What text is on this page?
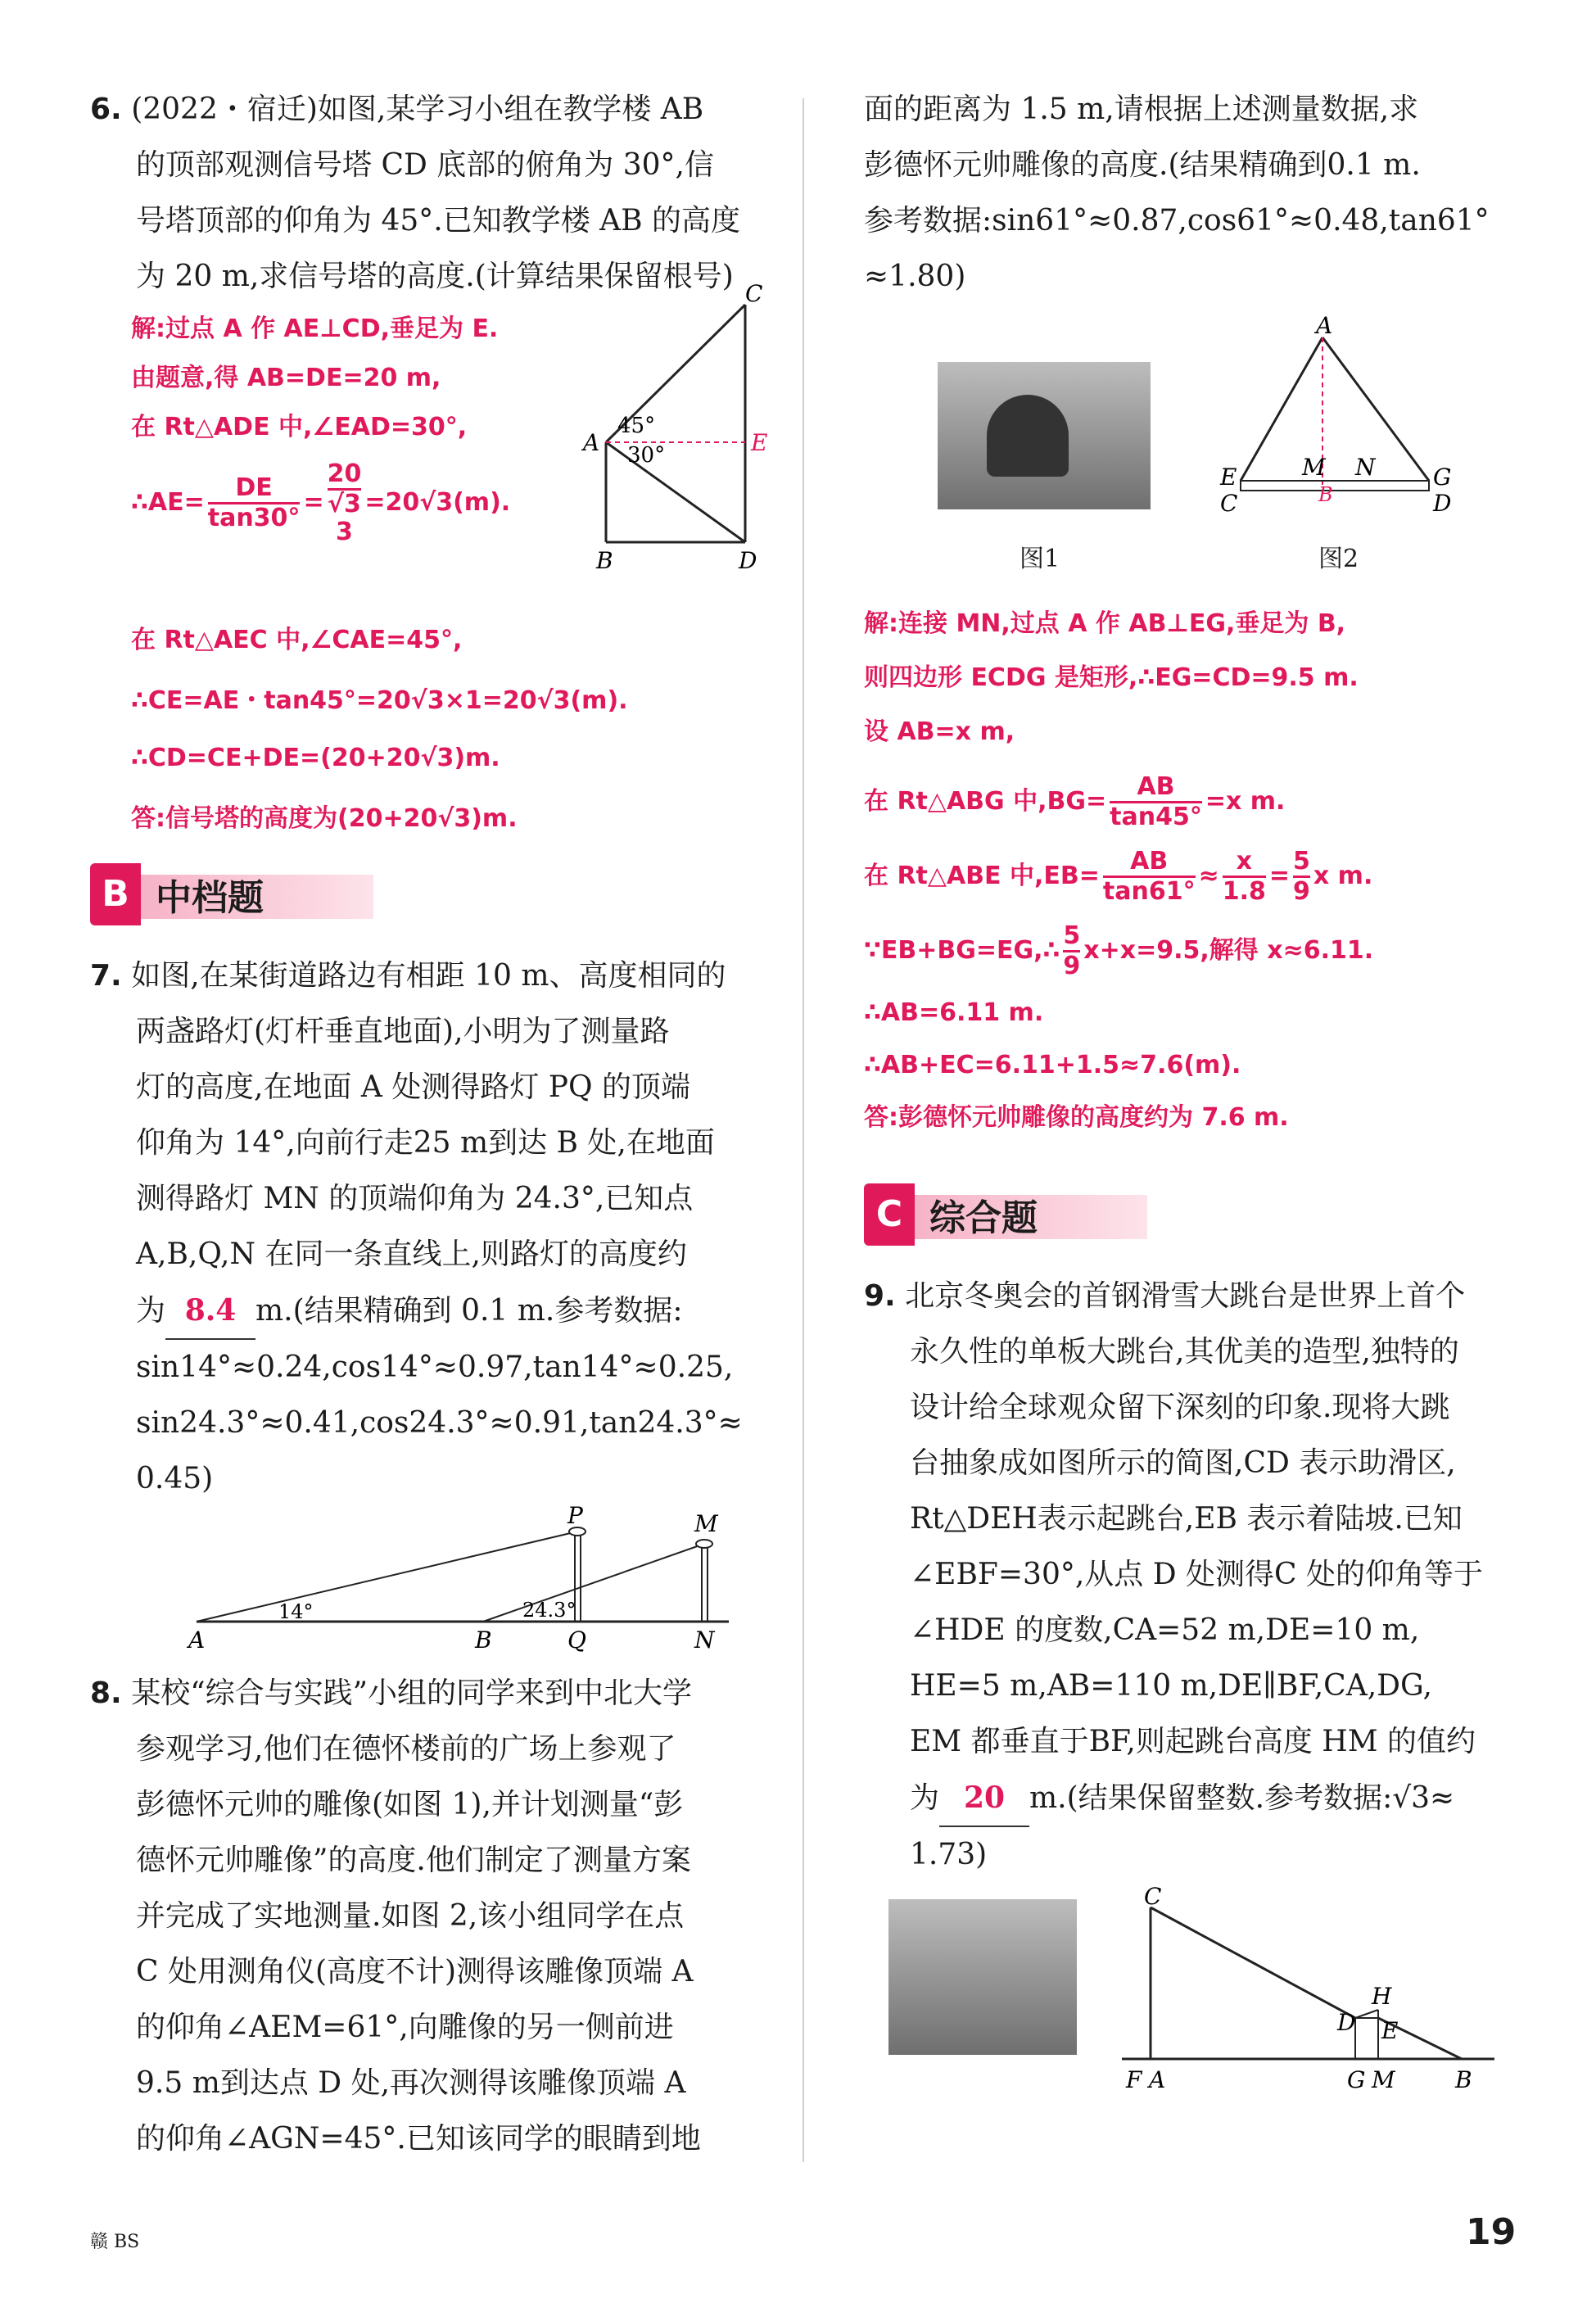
6. (2022・宿迁)如图,某学习小组在教学楼 AB

的顶部观测信号塔 CD 底部的俯角为 30°,信

号塔顶部的仰角为 45°.已知教学楼 AB 的高度

为 20 m,求信号塔的高度.(计算结果保留根号)

解:过点 A 作 AE⊥CD,垂足为 E.

由题意,得 AB=DE=20 m,

在 Rt△ADE 中,∠EAD=30°,

∴AE= $\frac{DE}{\tan 30^\circ}$ =
20
√3
3
=20√3(m).

C
A	E
B	D
45°
30°

在 Rt△AEC 中,∠CAE=45°,

∴CE=AE・tan45°=20√3×1=20√3(m).

∴CD=CE+DE=(20+20√3)m.

答:信号塔的高度为(20+20√3)m.

B 中档题

7. 如图,在某街道路边有相距 10 m、高度相同的

两盏路灯(灯杆垂直地面),小明为了测量路

灯的高度,在地面 A 处测得路灯 PQ 的顶端

仰角为 14°,向前行走25 m到达 B 处,在地面

测得路灯 MN 的顶端仰角为 24.3°,已知点

A,B,Q,N 在同一条直线上,则路灯的高度约

为 8.4 m.(结果精确到 0.1 m.参考数据:

sin14°≈0.24,cos14°≈0.97,tan14°≈0.25,

sin24.3°≈0.41,cos24.3°≈0.91,tan24.3°≈

0.45)

A	B	Q	N
P	M
14°	24.3°

8. 某校“综合与实践”小组的同学来到中北大学

参观学习,他们在德怀楼前的广场上参观了

彭德怀元帅的雕像(如图 1),并计划测量“彭

德怀元帅雕像”的高度.他们制定了测量方案

并完成了实地测量.如图 2,该小组同学在点

C 处用测角仪(高度不计)测得该雕像顶端 A

的仰角∠AEM=61°,向雕像的另一侧前进

9.5 m到达点 D 处,再次测得该雕像顶端 A

的仰角∠AGN=45°.已知该同学的眼睛到地

面的距离为 1.5 m,请根据上述测量数据,求

彭德怀元帅雕像的高度.(结果精确到0.1 m.

参考数据:sin61°≈0.87,cos61°≈0.48,tan61°

≈1.80)

图1
A
E	M N	G
B
C	D
图2

解:连接 MN,过点 A 作 AB⊥EG,垂足为 B,

则四边形 ECDG 是矩形,∴EG=CD=9.5 m.

设 AB=x m,

在 Rt△ABG 中$,BG= \frac{AB}{\tan 45^\circ} =x$ m.

在 Rt△ABE 中$,EB= \frac{AB}{\tan 61^\circ} \approx \frac{x}{1.8} = \frac{5}{9}$ x m.

∵EB+BG=EG,∴ $\frac{5}{9} x+x=9.5$,解得 x≈6.11.

∴AB=6.11 m.

∴AB+EC=6.11+1.5≈7.6(m).

答:彭德怀元帅雕像的高度约为 7.6 m.

C 综合题

9. 北京冬奥会的首钢滑雪大跳台是世界上首个

永久性的单板大跳台,其优美的造型,独特的

设计给全球观众留下深刻的印象.现将大跳

台抽象成如图所示的简图,CD 表示助滑区,

Rt△DEH表示起跳台,EB 表示着陆坡.已知

∠EBF=30°,从点 D 处测得C 处的仰角等于

∠HDE 的度数,CA=52 m,DE=10 m,

HE=5 m,AB=110 m,DE∥BF,CA,DG,

EM 都垂直于BF,则起跳台高度 HM 的值约

为 20 m.(结果保留整数.参考数据:√3≈

1.73)

C
H
D E
F A	G M	B
赣 BS	19
